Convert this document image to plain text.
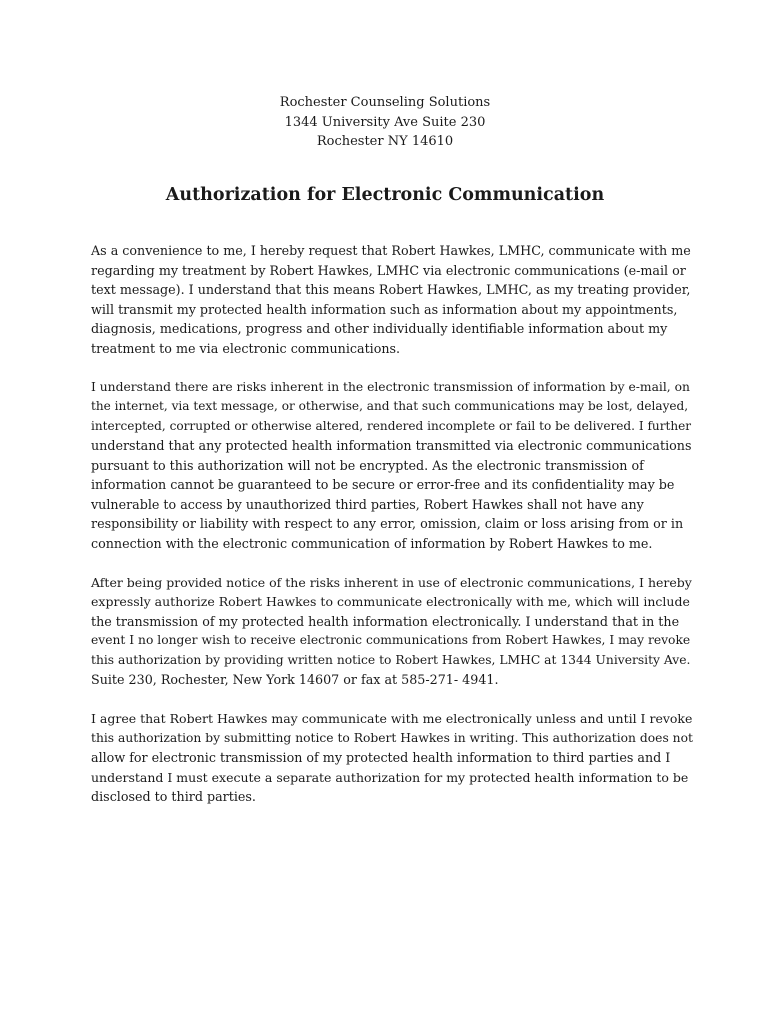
Rochester Counseling Solutions
1344 University Ave Suite 230
Rochester NY 14610
Authorization for Electronic Communication

As a convenience to me, I hereby request that Robert Hawkes, LMHC, communicate with me
regarding my treatment by Robert Hawkes, LMHC via electronic communications (e-mail or
text message). I understand that this means Robert Hawkes, LMHC, as my treating provider,
will transmit my protected health information such as information about my appointments,
diagnosis, medications, progress and other individually identifiable information about my
treatment to me via electronic communications.

I understand there are risks inherent in the electronic transmission of information by e-mail, on
the internet, via text message, or otherwise, and that such communications may be lost, delayed,
intercepted, corrupted or otherwise altered, rendered incomplete or fail to be delivered. I further
understand that any protected health information transmitted via electronic communications
pursuant to this authorization will not be encrypted. As the electronic transmission of
information cannot be guaranteed to be secure or error-free and its confidentiality may be
vulnerable to access by unauthorized third parties, Robert Hawkes shall not have any
responsibility or liability with respect to any error, omission, claim or loss arising from or in
connection with the electronic communication of information by Robert Hawkes to me.

After being provided notice of the risks inherent in use of electronic communications, I hereby
expressly authorize Robert Hawkes to communicate electronically with me, which will include
the transmission of my protected health information electronically. I understand that in the
event I no longer wish to receive electronic communications from Robert Hawkes, I may revoke
this authorization by providing written notice to Robert Hawkes, LMHC at 1344 University Ave.
Suite 230, Rochester, New York 14607 or fax at 585-271- 4941.

I agree that Robert Hawkes may communicate with me electronically unless and until I revoke
this authorization by submitting notice to Robert Hawkes in writing. This authorization does not
allow for electronic transmission of my protected health information to third parties and I
understand I must execute a separate authorization for my protected health information to be
disclosed to third parties.
